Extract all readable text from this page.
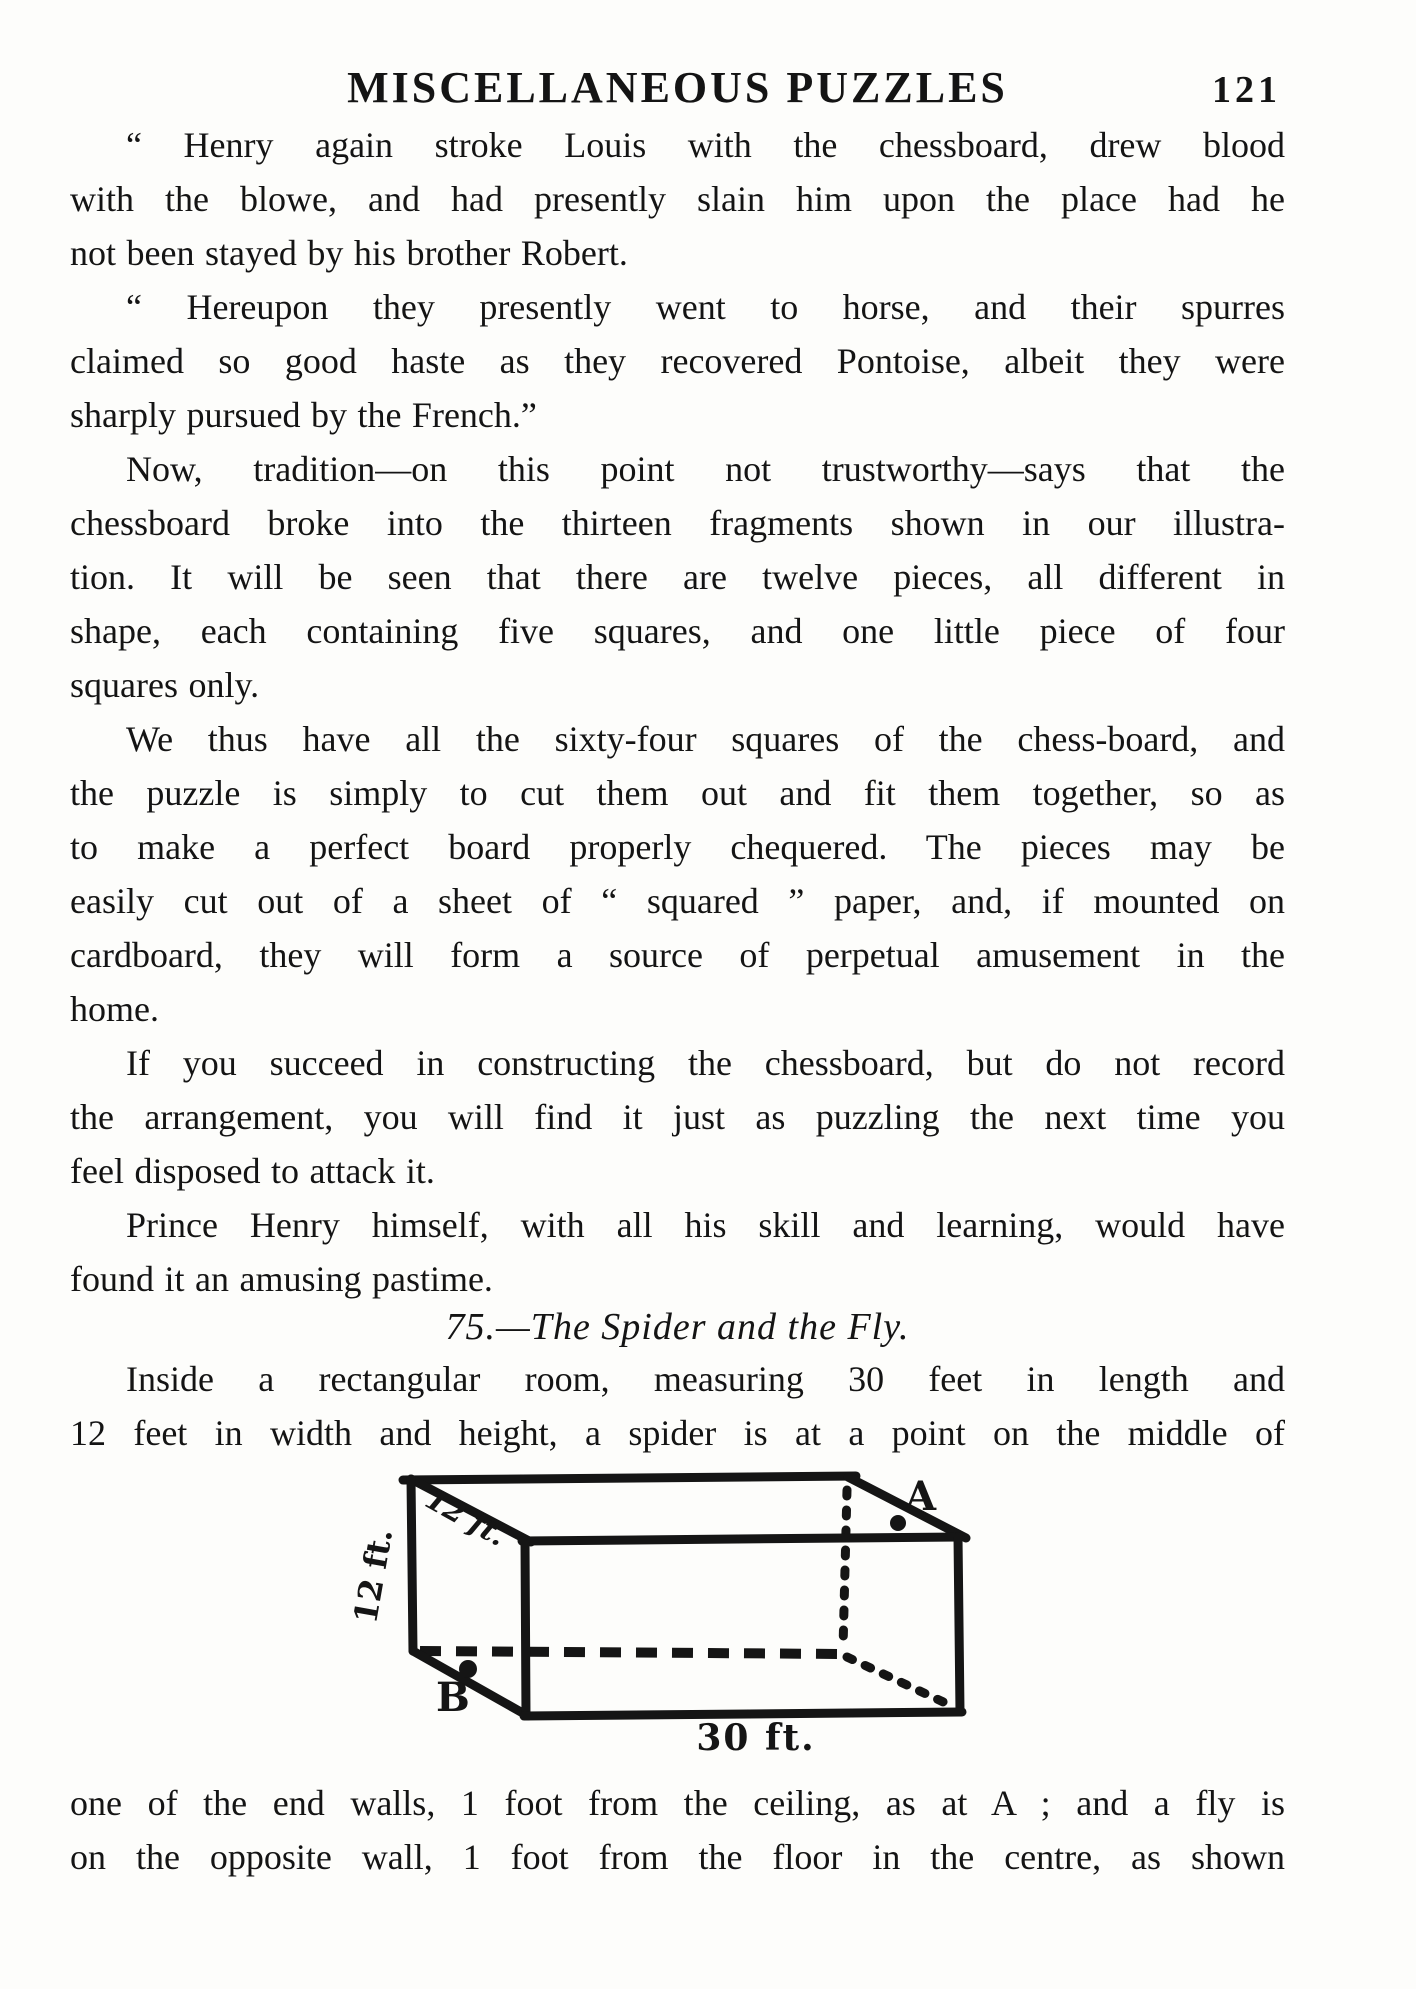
MISCELLANEOUS PUZZLES	121
“ Henry again stroke Louis with the chessboard, drew blood
with the blowe, and had presently slain him upon the place had he
not been stayed by his brother Robert.
“ Hereupon they presently went to horse, and their spurres
claimed so good haste as they recovered Pontoise, albeit they were
sharply pursued by the French.”
Now, tradition—on this point not trustworthy—says that the
chessboard broke into the thirteen fragments shown in our illustra-
tion. It will be seen that there are twelve pieces, all different in
shape, each containing five squares, and one little piece of four
squares only.
We thus have all the sixty-four squares of the chess-board, and
the puzzle is simply to cut them out and fit them together, so as
to make a perfect board properly chequered. The pieces may be
easily cut out of a sheet of “ squared ” paper, and, if mounted on
cardboard, they will form a source of perpetual amusement in the
home.
If you succeed in constructing the chessboard, but do not record
the arrangement, you will find it just as puzzling the next time you
feel disposed to attack it.
Prince Henry himself, with all his skill and learning, would have
found it an amusing pastime.
75.—The Spider and the Fly.
Inside a rectangular room, measuring 30 feet in length and
12 feet in width and height, a spider is at a point on the middle of
A
B
30 ft.
12 ft.
12 ft.
one of the end walls, 1 foot from the ceiling, as at A ; and a fly is
on the opposite wall, 1 foot from the floor in the centre, as shown
